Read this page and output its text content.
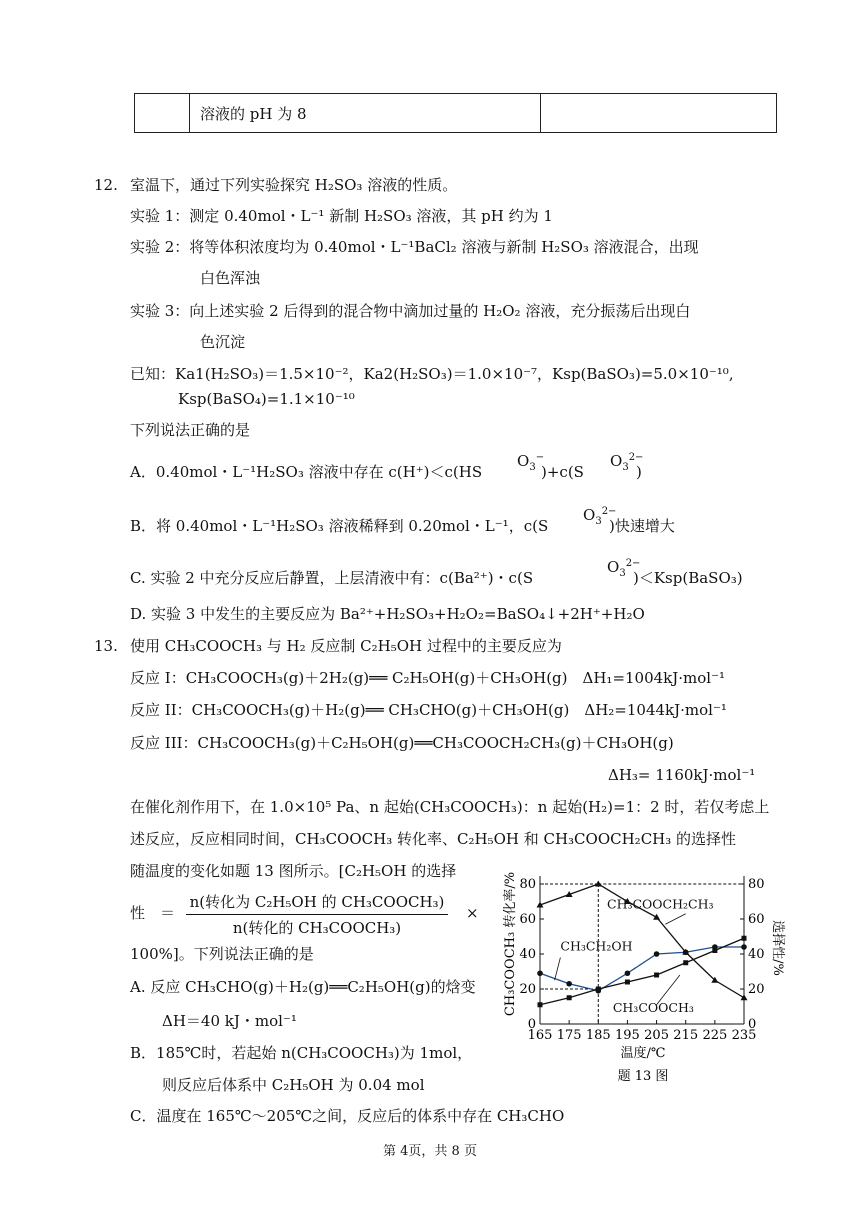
	溶液的 pH 为 8	
12. 室温下，通过下列实验探究 H₂SO₃ 溶液的性质。
实验 1：测定 0.40mol・L⁻¹ 新制 H₂SO₃ 溶液，其 pH 约为 1
实验 2：将等体积浓度均为 0.40mol・L⁻¹BaCl₂ 溶液与新制 H₂SO₃ 溶液混合，出现
白色浑浊
实验 3：向上述实验 2 后得到的混合物中滴加过量的 H₂O₂ 溶液，充分振荡后出现白
色沉淀
已知：Ka1(H₂SO₃)＝1.5×10⁻²，Ka2(H₂SO₃)＝1.0×10⁻⁷，Ksp(BaSO₃)=5.0×10⁻¹⁰,
Ksp(BaSO₄)=1.1×10⁻¹⁰
下列说法正确的是
A．0.40mol・L⁻¹H₂SO₃ 溶液中存在 c(H⁺)＜c(HS
$O_3^-$
)+c(S
$O_3^{2-}$
)
B．将 0.40mol・L⁻¹H₂SO₃ 溶液稀释到 0.20mol・L⁻¹，c(S
$O_3^{2-}$
)快速增大
C. 实验 2 中充分反应后静置，上层清液中有：c(Ba²⁺)・c(S
$O_3^{2-}$
)＜Ksp(BaSO₃)
D. 实验 3 中发生的主要反应为 Ba²⁺+H₂SO₃+H₂O₂=BaSO₄↓+2H⁺+H₂O
13. 使用 CH₃COOCH₃ 与 H₂ 反应制 C₂H₅OH 过程中的主要反应为
反应 I：CH₃COOCH₃(g)＋2H₂(g)══ C₂H₅OH(g)＋CH₃OH(g)　ΔH₁=1004kJ·mol⁻¹
反应 II：CH₃COOCH₃(g)＋H₂(g)══ CH₃CHO(g)＋CH₃OH(g)　ΔH₂=1044kJ·mol⁻¹
反应 III：CH₃COOCH₃(g)＋C₂H₅OH(g)══CH₃COOCH₂CH₃(g)＋CH₃OH(g)
ΔH₃= 1160kJ·mol⁻¹
在催化剂作用下，在 1.0×10⁵ Pa、n 起始(CH₃COOCH₃)：n 起始(H₂)=1：2 时，若仅考虑上
述反应，反应相同时间，CH₃COOCH₃ 转化率、C₂H₅OH 和 CH₃COOCH₂CH₃ 的选择性
随温度的变化如题 13 图所示。[C₂H₅OH 的选择
性　＝
n(转化为 C₂H₅OH 的 CH₃COOCH₃)
n(转化的 CH₃COOCH₃)
×
100%]。下列说法正确的是
A. 反应 CH₃CHO(g)＋H₂(g)══C₂H₅OH(g)的焓变
ΔH＝40 kJ・mol⁻¹
B．185℃时，若起始 n(CH₃COOCH₃)为 1mol，
则反应后体系中 C₂H₅OH 为 0.04 mol
C．温度在 165℃～205℃之间，反应后的体系中存在 CH₃CHO
0
20
40
60
80
0
20
40
60
80
165 175 185 195 205 215 225 235
CH₃COOCH₂CH₃
CH₃CH₂OH
CH₃COOCH₃
CH₃COOCH₃ 转化率/%	选择性/%
温度/℃
题 13 图
第 4页，共 8 页
